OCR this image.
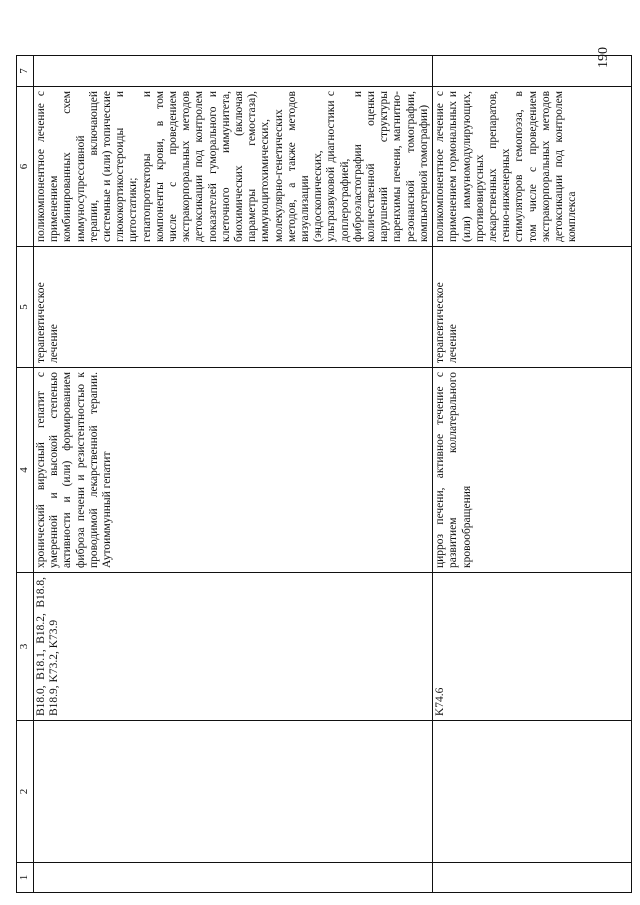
190
1	2	3	4	5	6	7
		B18.0, B18.1, B18.2, B18.8, B18.9, K73.2, K73.9	хронический вирусный гепатит с умеренной и высокой степенью активности и (или) формированием фиброза печени и резистентностью к проводимой лекарственной терапии. Аутоиммунный гепатит	терапевтическое лечение	поликомпонентное лечение с применением комбинированных схем иммуносупрессивной терапии, включающей системные и (или) топические глюкокортикостероиды и цитостатики; гепатопротекторы и компоненты крови, в том числе с проведением экстракорпоральных методов детоксикации под контролем показателей гуморального и клеточного иммунитета, биохимических (включая параметры гемостаза), иммуноцитохимических, молекулярно-генетических методов, а также методов визуализации (эндоскопических, ультразвуковой диагностики с доплерографией, фиброэластографии и количественной оценки нарушений структуры паренхимы печени, магнитно-резонансной томографии, компьютерной томографии)	
		K74.6	цирроз печени, активное течение с развитием коллатерального кровообращения	терапевтическое лечение	поликомпонентное лечение с применением гормональных и (или) иммуномодулирующих, противовирусных лекарственных препаратов, генно-инженерных стимуляторов гемопоэза, в том числе с проведением экстракорпоральных методов детоксикации под контролем комплекса	
